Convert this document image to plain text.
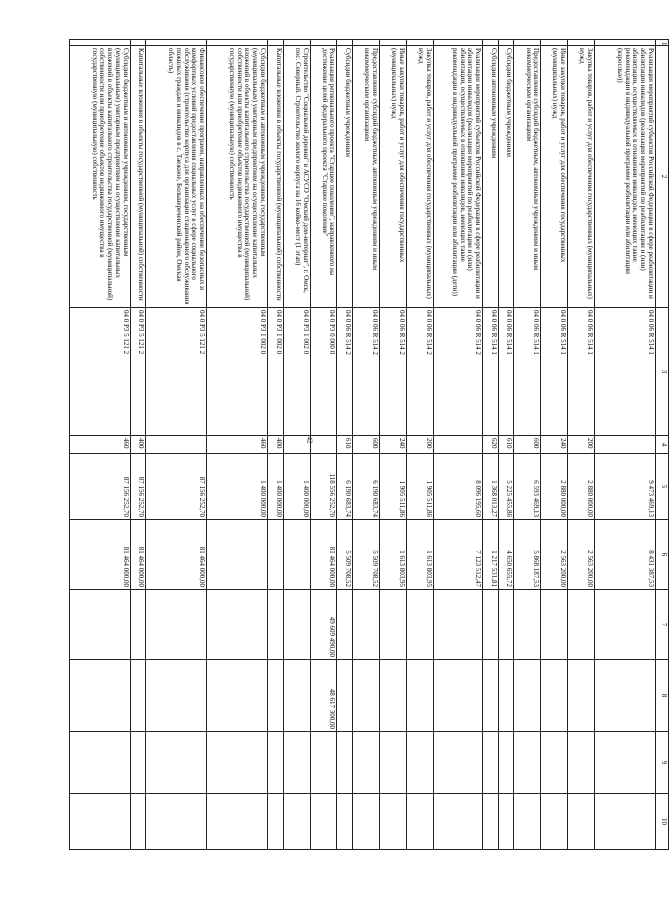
42
1	2	3	4	5	6	7	8	9	10
	Реализация мероприятий субъектов Российской Федерации в сфере реабилитации и абилитации инвалидов (реализация мероприятий по реабилитации и (или) абилитации, осуществляемых в отношении инвалидов, имеющих такие рекомендации в индивидуальной программе реабилитации или абилитации (взрослые))	04 0 06 R 514 1		9 473 469,13	8 431 387,53				
	Закупка товаров, работ и услуг для обеспечения государственных (муниципальных) нужд	04 0 06 R 514 1	200	2 880 000,00	2 563 200,00				
	Иные закупки товаров, работ и услуг для обеспечения государственных (муниципальных) нужд	04 0 06 R 514 1	240	2 880 000,00	2 563 200,00				
	Предоставление субсидий бюджетным, автономным учреждениям и иным некоммерческим организациям	04 0 06 R 514 1	600	6 593 469,13	5 868 187,53				
	Субсидии бюджетным учреждениям	04 0 06 R 514 1	610	5 225 455,86	4 650 655,72				
	Субсидии автономным учреждениям	04 0 06 R 514 1	620	1 368 013,27	1 217 531,81				
	Реализация мероприятий субъектов Российской Федерации в сфере реабилитации и абилитации инвалидов (реализация мероприятий по реабилитации и (или) абилитации, осуществляемых в отношении инвалидов, имеющих такие рекомендации в индивидуальной программе реабилитации или абилитации (дети))	04 0 06 R 514 2		8 096 195,60	7 123 512,47				
	Закупка товаров, работ и услуг для обеспечения государственных (муниципальных) нужд	04 0 06 R 514 2	200	1 905 511,86	1 613 803,95				
	Иные закупки товаров, работ и услуг для обеспечения государственных (муниципальных) нужд	04 0 06 R 514 2	240	1 905 511,86	1 613 803,95				
	Предоставление субсидий бюджетным, автономным учреждениям и иным некоммерческим организациям	04 0 06 R 514 2	600	6 190 683,74	5 509 708,52				
	Субсидии бюджетным учреждениям	04 0 06 R 514 2	610	6 190 683,74	5 509 708,52				
	Реализация регионального проекта "Старшее поколение", направленного на достижение целей федерального проекта "Старшее поколение"	04 0 P3 0 000 0		118 556 252,70	81 464 000,00	49 609 490,00	48 617 300,00		
	Строительство "Социальной деревни" в АСУСО "Омский дом-интернат", г. Омск, пос. Северный. Строительство жилого корпуса на 16 койко-мест (1 этап)	04 0 P3 1 002 0		1 400 000,00					
	Капитальные вложения в объекты государственной (муниципальной) собственности	04 0 P3 1 002 0	400	1 400 000,00					
	Субсидии бюджетным и автономным учреждениям, государственным (муниципальным) унитарным предприятиям на осуществление капитальных вложений в объекты капитального строительства государственной (муниципальной) собственности или приобретение объектов недвижимого имущества в государственную (муниципальную) собственность	04 0 P3 1 002 0	460	1 400 000,00					
	Финансовое обеспечение программ, направленных на обеспечение безопасных и комфортных условий предоставления социальных услуг в сфере социального обслуживания (строительство корпуса для организации стационарного обслуживания пожилых граждан и инвалидов в с. Таежное, Большереченский район, Омская область)	04 0 P3 5 121 2		87 156 252,70	81 464 000,00				
	Капитальные вложения в объекты государственной (муниципальной) собственности	04 0 P3 5 121 2	400	87 156 252,70	81 464 000,00				
	Субсидии бюджетным и автономным учреждениям, государственным (муниципальным) унитарным предприятиям на осуществление капитальных вложений в объекты капитального строительства государственной (муниципальной) собственности или приобретение объектов недвижимого имущества в государственную (муниципальную) собственность	04 0 P3 5 121 2	460	87 156 252,70	81 464 000,00				
